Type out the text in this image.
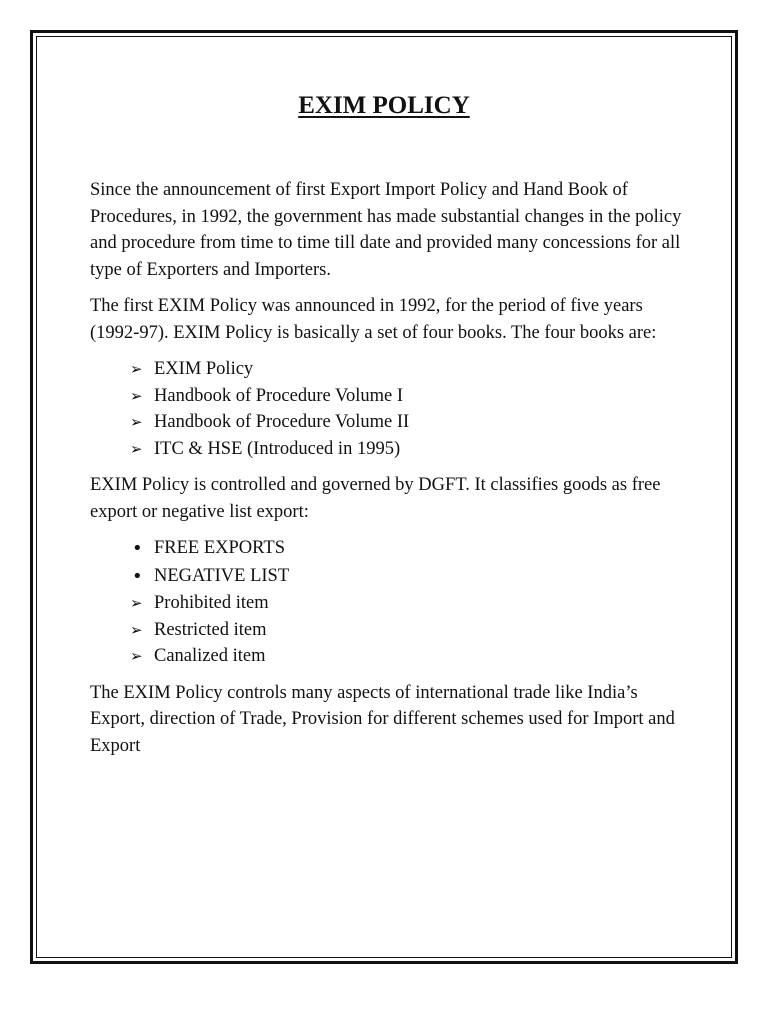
EXIM POLICY

Since the announcement of first Export Import Policy and Hand Book of Procedures, in 1992, the government has made substantial changes in the policy and procedure from time to time till date and provided many concessions for all type of Exporters and Importers.

The first EXIM Policy was announced in 1992, for the period of five years (1992-97). EXIM Policy is basically a set of four books. The four books are:

➢ EXIM Policy
➢ Handbook of Procedure Volume I
➢ Handbook of Procedure Volume II
➢ ITC & HSE (Introduced in 1995)

EXIM Policy is controlled and governed by DGFT. It classifies goods as free export or negative list export:

• FREE EXPORTS
• NEGATIVE LIST
➢ Prohibited item
➢ Restricted item
➢ Canalized item

The EXIM Policy controls many aspects of international trade like India’s Export, direction of Trade, Provision for different schemes used for Import and Export
